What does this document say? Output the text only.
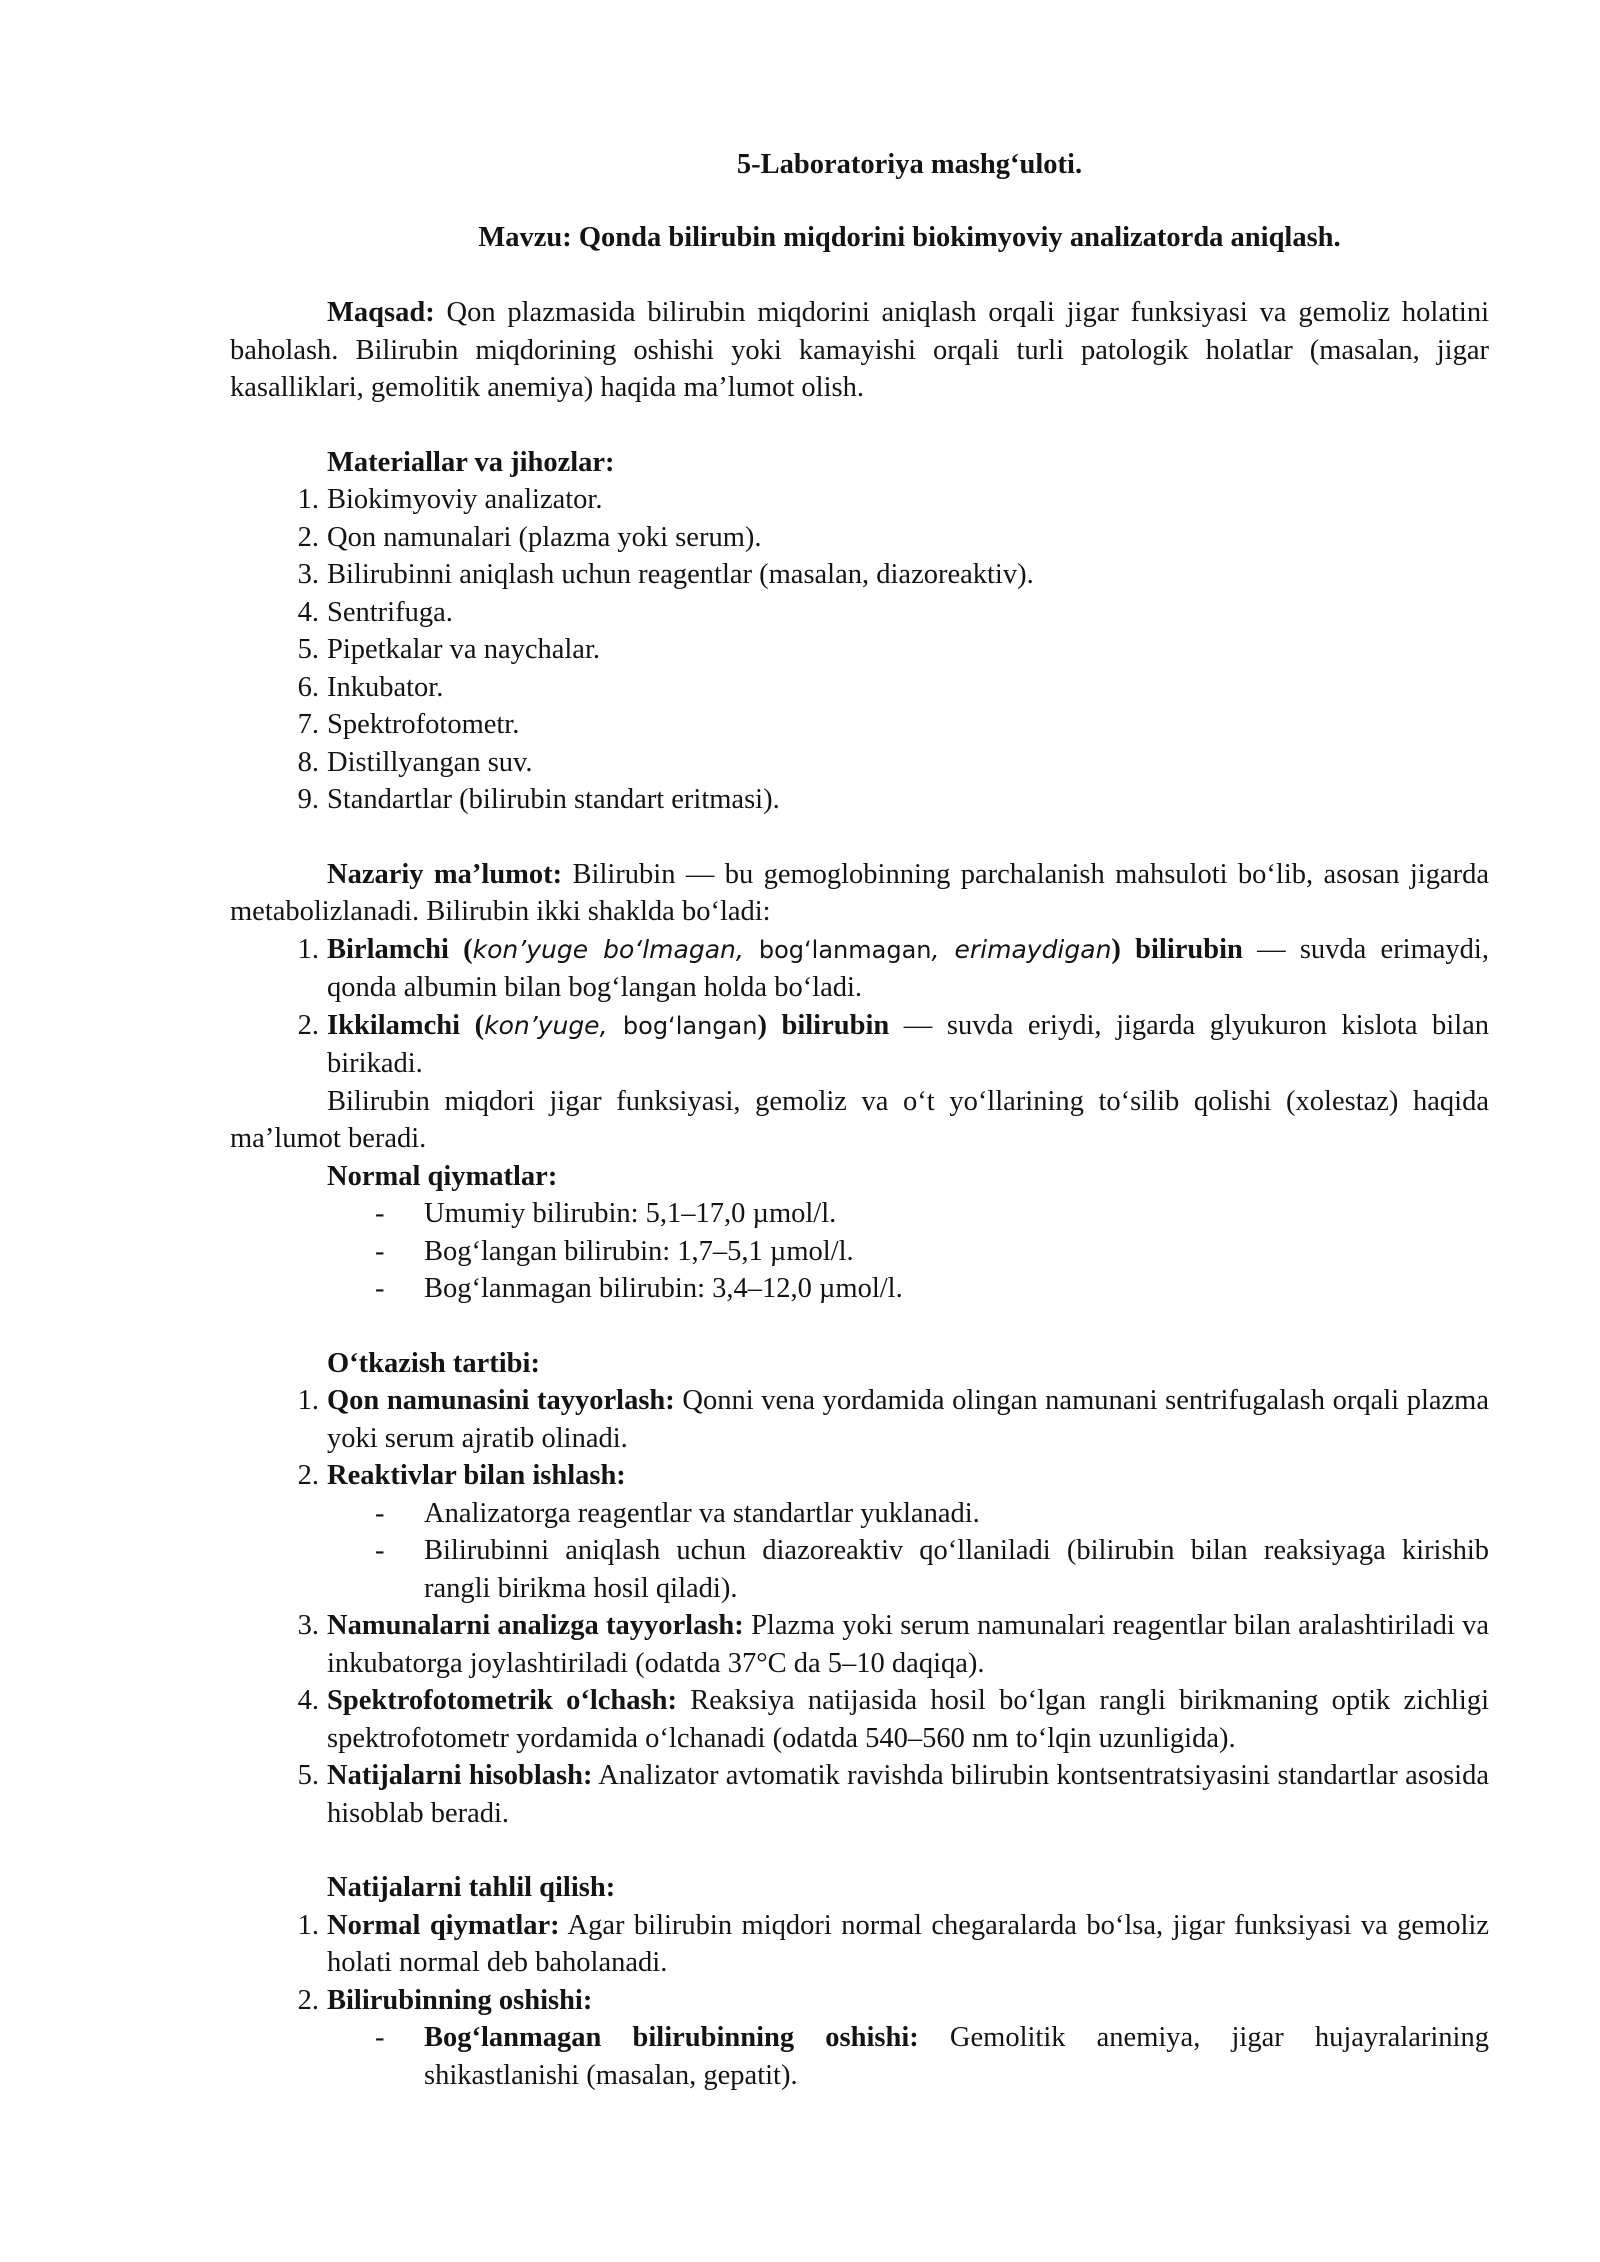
5-Laboratoriya mashg‘uloti.

Mavzu: Qonda bilirubin miqdorini biokimyoviy analizatorda aniqlash.

Maqsad: Qon plazmasida bilirubin miqdorini aniqlash orqali jigar funksiyasi va gemoliz holatini baholash. Bilirubin miqdorining oshishi yoki kamayishi orqali turli patologik holatlar (masalan, jigar kasalliklari, gemolitik anemiya) haqida ma’lumot olish.

Materiallar va jihozlar:

1. Biokimyoviy analizator.
2. Qon namunalari (plazma yoki serum).
3. Bilirubinni aniqlash uchun reagentlar (masalan, diazoreaktiv).
4. Sentrifuga.
5. Pipetkalar va naychalar.
6. Inkubator.
7. Spektrofotometr.
8. Distillyangan suv.
9. Standartlar (bilirubin standart eritmasi).

Nazariy ma’lumot: Bilirubin — bu gemoglobinning parchalanish mahsuloti bo‘lib, asosan jigarda metabolizlanadi. Bilirubin ikki shaklda bo‘ladi:

1. Birlamchi (kon’yuge bo‘lmagan, bog‘lanmagan, erimaydigan) bilirubin — suvda erimaydi, qonda albumin bilan bog‘langan holda bo‘ladi.
2. Ikkilamchi (kon’yuge, bog‘langan) bilirubin — suvda eriydi, jigarda glyukuron kislota bilan birikadi.

Bilirubin miqdori jigar funksiyasi, gemoliz va o‘t yo‘llarining to‘silib qolishi (xolestaz) haqida ma’lumot beradi.

Normal qiymatlar:

- Umumiy bilirubin: 5,1–17,0 µmol/l.
- Bog‘langan bilirubin: 1,7–5,1 µmol/l.
- Bog‘lanmagan bilirubin: 3,4–12,0 µmol/l.

O‘tkazish tartibi:

1. Qon namunasini tayyorlash: Qonni vena yordamida olingan namunani sentrifugalash orqali plazma yoki serum ajratib olinadi.
2. Reaktivlar bilan ishlash:
- Analizatorga reagentlar va standartlar yuklanadi.
- Bilirubinni aniqlash uchun diazoreaktiv qo‘llaniladi (bilirubin bilan reaksiyaga kirishib rangli birikma hosil qiladi).
3. Namunalarni analizga tayyorlash: Plazma yoki serum namunalari reagentlar bilan aralashtiriladi va inkubatorga joylashtiriladi (odatda 37°C da 5–10 daqiqa).
4. Spektrofotometrik o‘lchash: Reaksiya natijasida hosil bo‘lgan rangli birikmaning optik zichligi spektrofotometr yordamida o‘lchanadi (odatda 540–560 nm to‘lqin uzunligida).
5. Natijalarni hisoblash: Analizator avtomatik ravishda bilirubin kontsentratsiyasini standartlar asosida hisoblab beradi.

Natijalarni tahlil qilish:

1. Normal qiymatlar: Agar bilirubin miqdori normal chegaralarda bo‘lsa, jigar funksiyasi va gemoliz holati normal deb baholanadi.
2. Bilirubinning oshishi:
- Bog‘lanmagan bilirubinning oshishi: Gemolitik anemiya, jigar hujayralarining shikastlanishi (masalan, gepatit).
